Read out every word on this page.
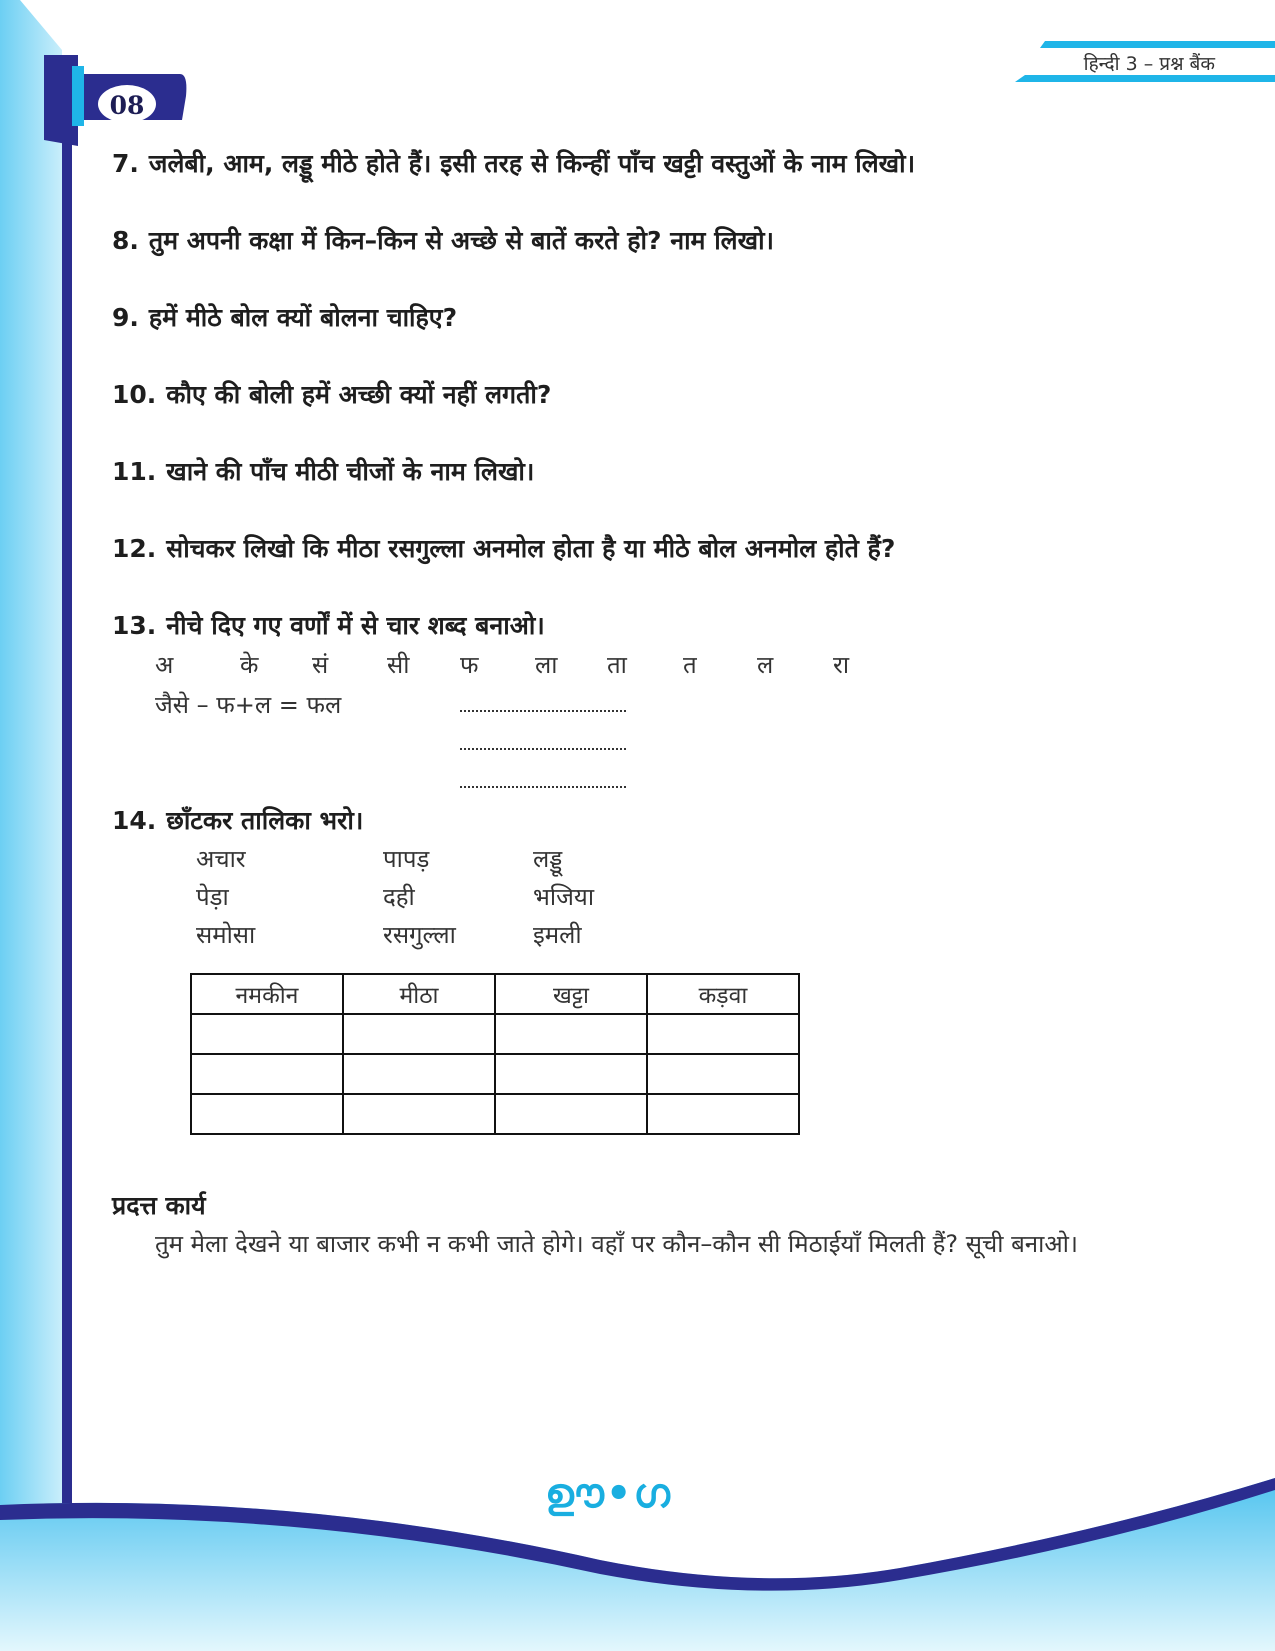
हिन्दी 3 – प्रश्न बैंक
08
7. जलेबी, आम, लड्डू मीठे होते हैं। इसी तरह से किन्हीं पाँच खट्टी वस्तुओं के नाम लिखो।
8. तुम अपनी कक्षा में किन–किन से अच्छे से बातें करते हो? नाम लिखो।
9. हमें मीठे बोल क्यों बोलना चाहिए?
10. कौए की बोली हमें अच्छी क्यों नहीं लगती?
11. खाने की पाँच मीठी चीजों के नाम लिखो।
12. सोचकर लिखो कि मीठा रसगुल्ला अनमोल होता है या मीठे बोल अनमोल होते हैं?
13. नीचे दिए गए वर्णों में से चार शब्द बनाओ।
अ	के सं सी फ ला ता त	ल रा
जैसे – फ+ल = फल
14. छाँटकर तालिका भरो।
अचार	पापड़	लड्डू
पेड़ा	दही	भजिया
समोसा	रसगुल्ला	इमली
नमकीन	मीठा	खट्टा	कड़वा

प्रदत्त कार्य
तुम मेला देखने या बाजार कभी न कभी जाते होगे। वहाँ पर कौन–कौन सी मिठाईयाँ मिलती हैं? सूची बनाओ।
ഊ•ഗ
